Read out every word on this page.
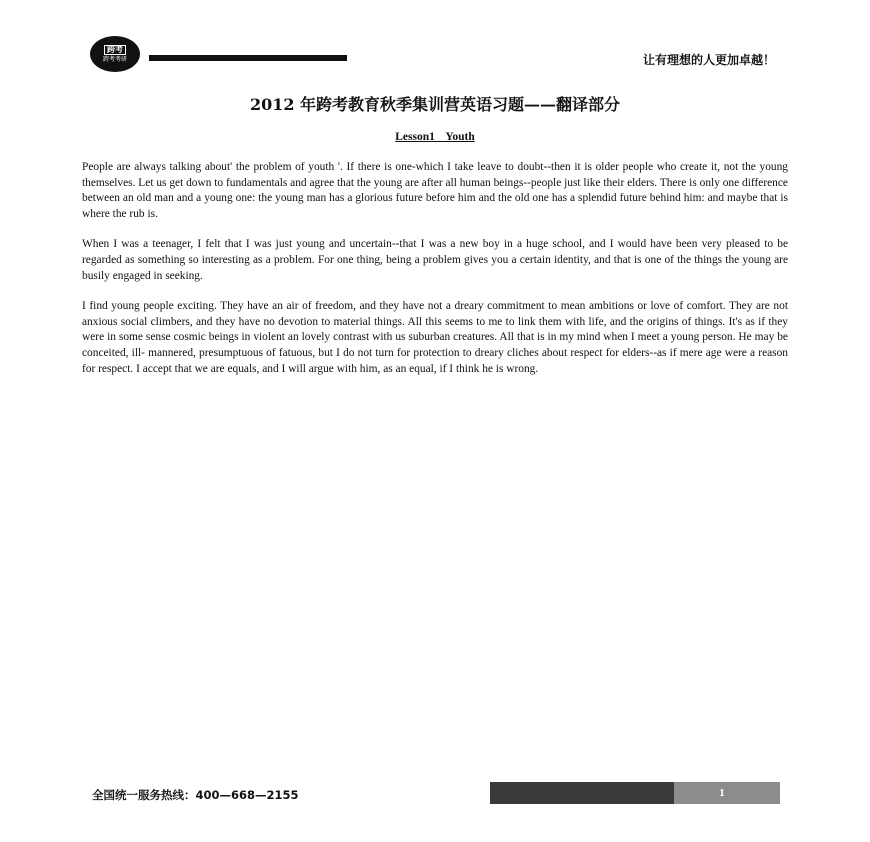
跨考
跨考考研	让有理想的人更加卓越！
2012 年跨考教育秋季集训营英语习题——翻译部分
Lesson1 Youth

People are always talking about' the problem of youth '. If there is one-which I take leave to doubt--then it is older people who create it, not the young themselves. Let us get down to fundamentals and agree that the young are after all human beings--people just like their elders. There is only one difference between an old man and a young one: the young man has a glorious future before him and the old one has a splendid future behind him: and maybe that is where the rub is.

When I was a teenager, I felt that I was just young and uncertain--that I was a new boy in a huge school, and I would have been very pleased to be regarded as something so interesting as a problem. For one thing, being a problem gives you a certain identity, and that is one of the things the young are busily engaged in seeking.

I find young people exciting. They have an air of freedom, and they have not a dreary commitment to mean ambitions or love of comfort. They are not anxious social climbers, and they have no devotion to material things. All this seems to me to link them with life, and the origins of things. It's as if they were in some sense cosmic beings in violent an lovely contrast with us suburban creatures. All that is in my mind when I meet a young person. He may be conceited, ill- mannered, presumptuous of fatuous, but I do not turn for protection to dreary cliches about respect for elders--as if mere age were a reason for respect. I accept that we are equals, and I will argue with him, as an equal, if I think he is wrong.

全国统一服务热线：400—668—2155	1
